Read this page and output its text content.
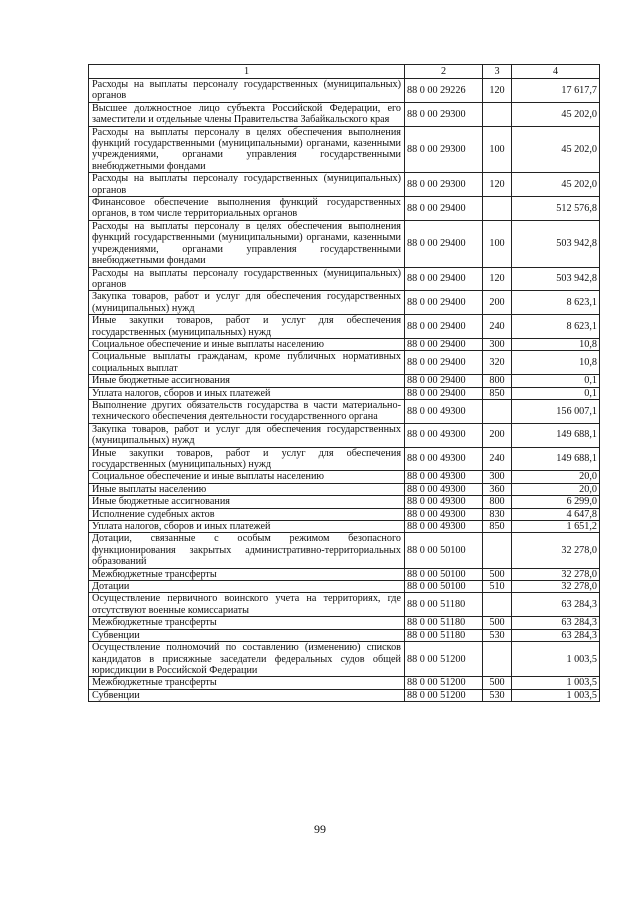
1	2	3	4
Расходы на выплаты персоналу государственных (муниципальных) органов	88 0 00 29226	120	17 617,7
Высшее должностное лицо субъекта Российской Федерации, его заместители и отдельные члены Правительства Забайкальского края	88 0 00 29300		45 202,0
Расходы на выплаты персоналу в целях обеспечения выполнения функций государственными (муниципальными) органами, казенными учреждениями, органами управления государственными внебюджетными фондами	88 0 00 29300	100	45 202,0
Расходы на выплаты персоналу государственных (муниципальных) органов	88 0 00 29300	120	45 202,0
Финансовое обеспечение выполнения функций государственных органов, в том числе территориальных органов	88 0 00 29400		512 576,8
Расходы на выплаты персоналу в целях обеспечения выполнения функций государственными (муниципальными) органами, казенными учреждениями, органами управления государственными внебюджетными фондами	88 0 00 29400	100	503 942,8
Расходы на выплаты персоналу государственных (муниципальных) органов	88 0 00 29400	120	503 942,8
Закупка товаров, работ и услуг для обеспечения государственных (муниципальных) нужд	88 0 00 29400	200	8 623,1
Иные закупки товаров, работ и услуг для обеспечения государственных (муниципальных) нужд	88 0 00 29400	240	8 623,1
Социальное обеспечение и иные выплаты населению	88 0 00 29400	300	10,8
Социальные выплаты гражданам, кроме публичных нормативных социальных выплат	88 0 00 29400	320	10,8
Иные бюджетные ассигнования	88 0 00 29400	800	0,1
Уплата налогов, сборов и иных платежей	88 0 00 29400	850	0,1
Выполнение других обязательств государства в части материально-технического обеспечения деятельности государственного органа	88 0 00 49300		156 007,1
Закупка товаров, работ и услуг для обеспечения государственных (муниципальных) нужд	88 0 00 49300	200	149 688,1
Иные закупки товаров, работ и услуг для обеспечения государственных (муниципальных) нужд	88 0 00 49300	240	149 688,1
Социальное обеспечение и иные выплаты населению	88 0 00 49300	300	20,0
Иные выплаты населению	88 0 00 49300	360	20,0
Иные бюджетные ассигнования	88 0 00 49300	800	6 299,0
Исполнение судебных актов	88 0 00 49300	830	4 647,8
Уплата налогов, сборов и иных платежей	88 0 00 49300	850	1 651,2
Дотации, связанные с особым режимом безопасного функционирования закрытых административно-территориальных образований	88 0 00 50100		32 278,0
Межбюджетные трансферты	88 0 00 50100	500	32 278,0
Дотации	88 0 00 50100	510	32 278,0
Осуществление первичного воинского учета на территориях, где отсутствуют военные комиссариаты	88 0 00 51180		63 284,3
Межбюджетные трансферты	88 0 00 51180	500	63 284,3
Субвенции	88 0 00 51180	530	63 284,3
Осуществление полномочий по составлению (изменению) списков кандидатов в присяжные заседатели федеральных судов общей юрисдикции в Российской Федерации	88 0 00 51200		1 003,5
Межбюджетные трансферты	88 0 00 51200	500	1 003,5
Субвенции	88 0 00 51200	530	1 003,5
99
